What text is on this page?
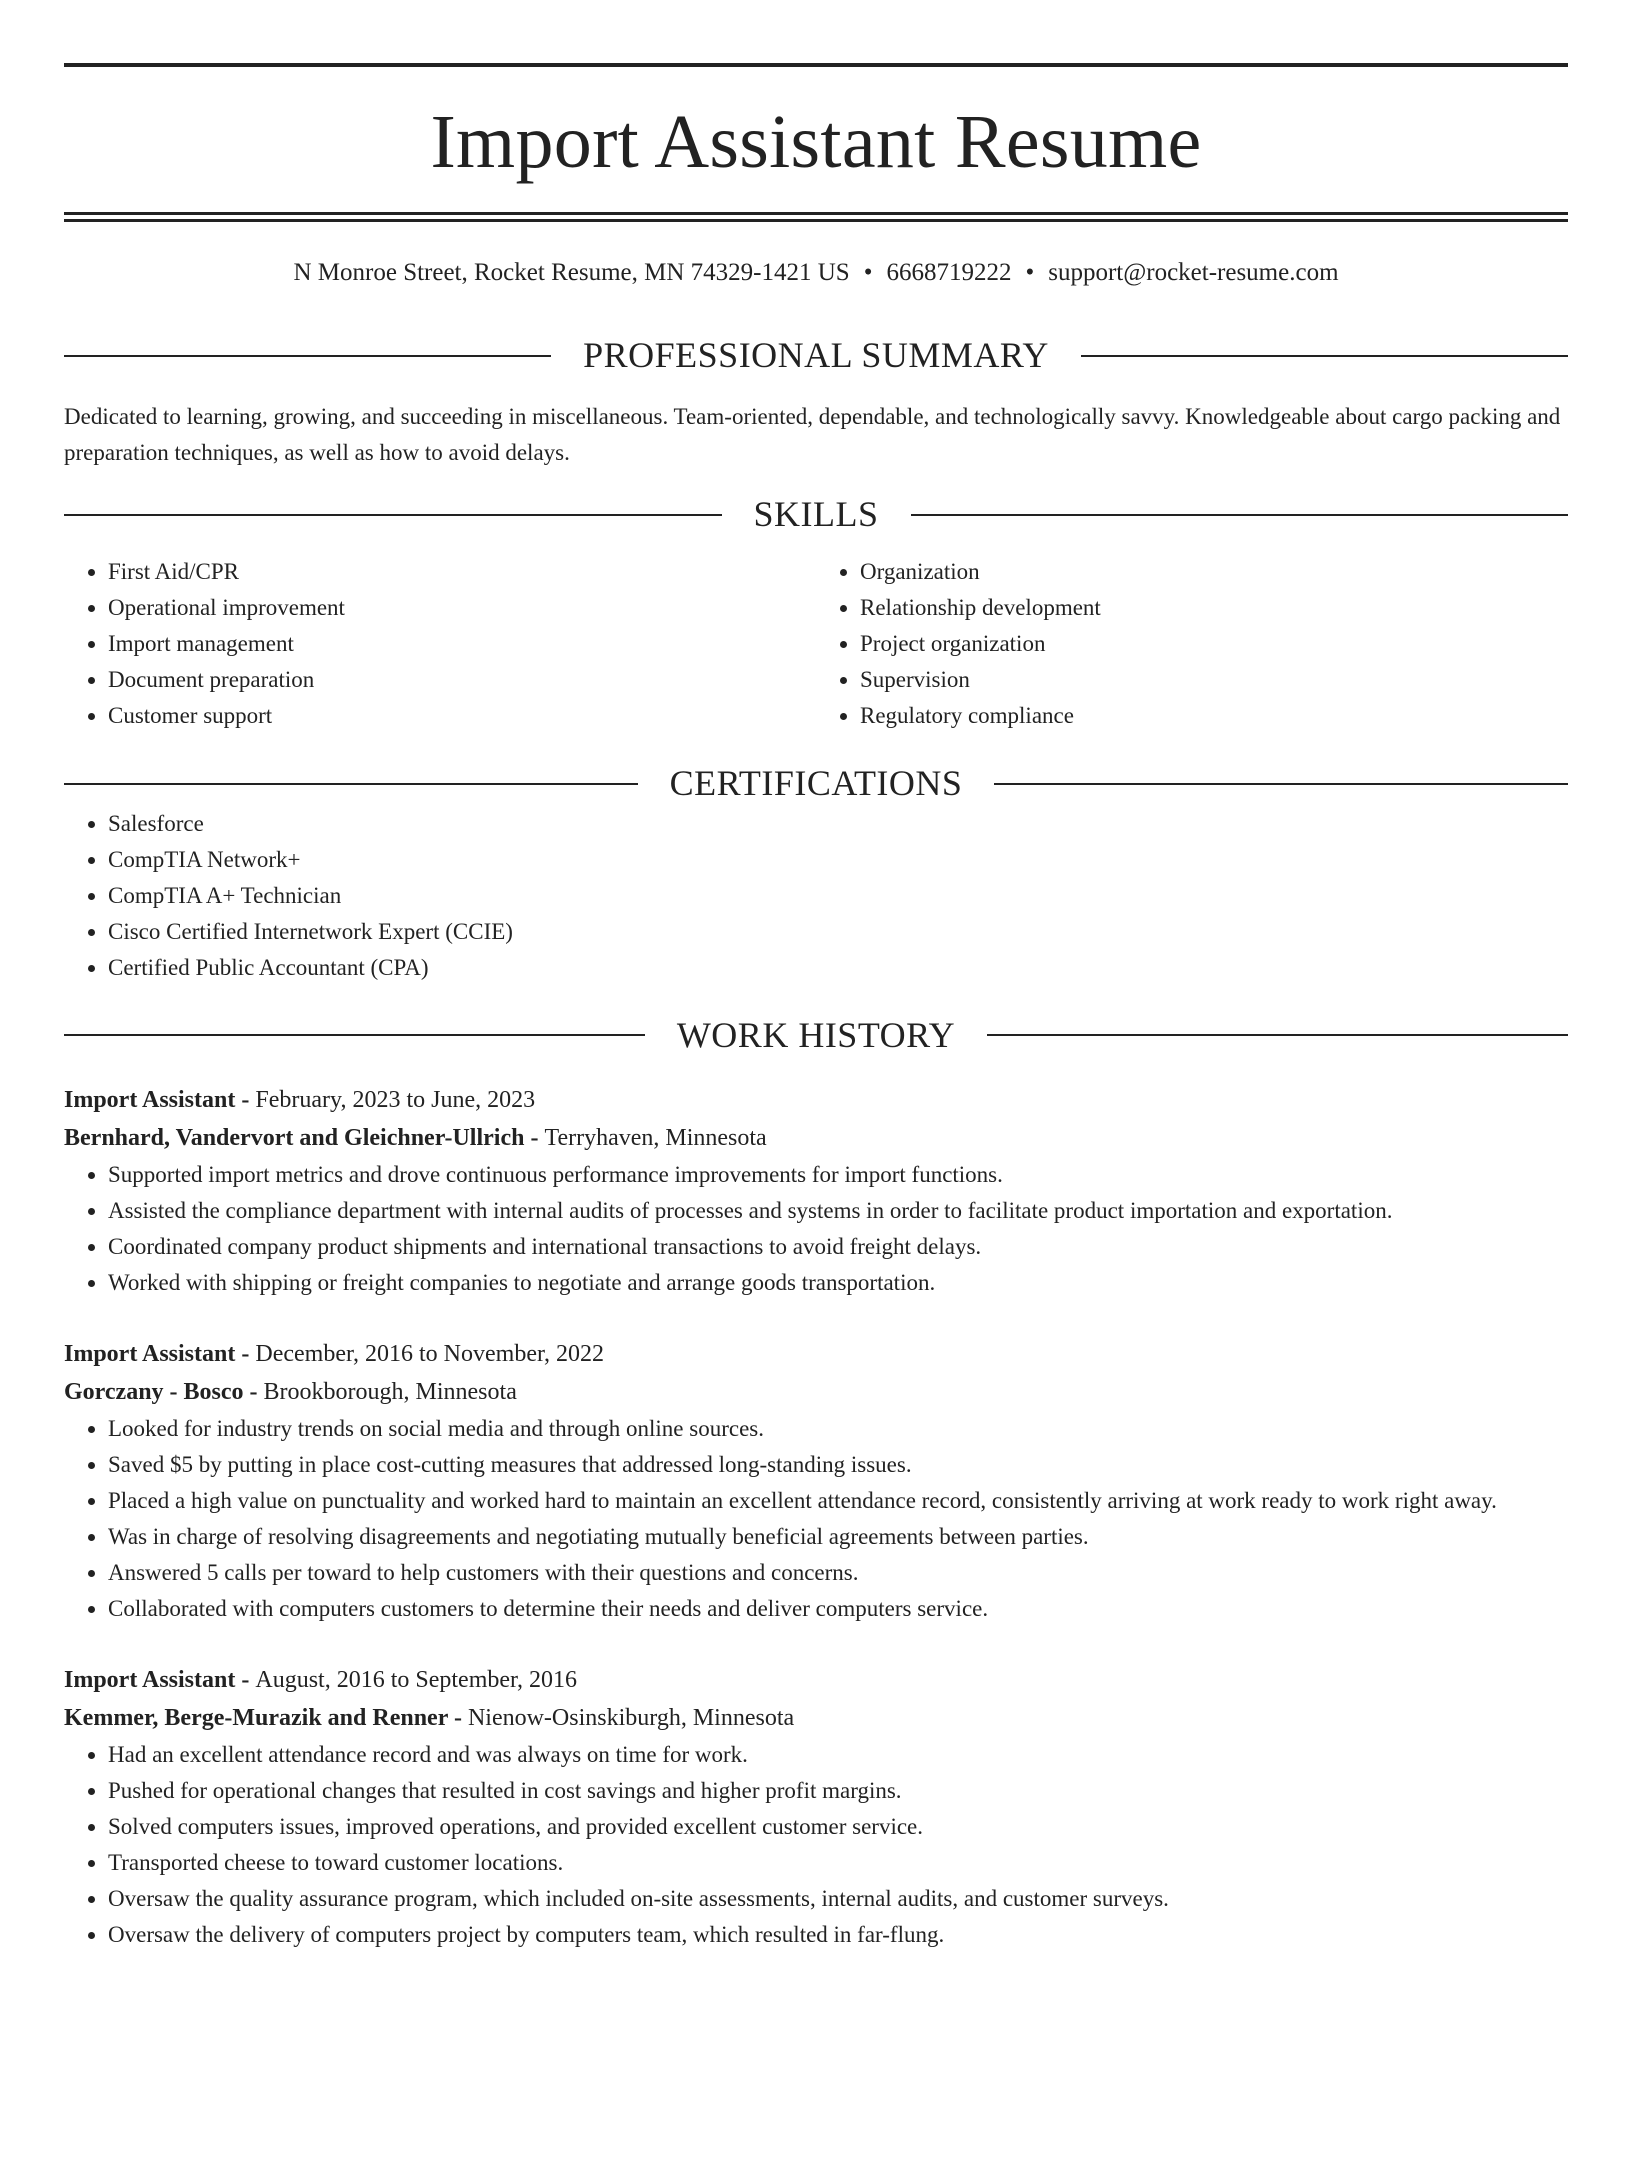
Import Assistant Resume
N Monroe Street, Rocket Resume, MN 74329-1421 US • 6668719222 • support@rocket-resume.com
PROFESSIONAL SUMMARY

Dedicated to learning, growing, and succeeding in miscellaneous. Team-oriented, dependable, and technologically savvy. Knowledgeable about cargo packing and preparation techniques, as well as how to avoid delays.

SKILLS
• First Aid/CPR
• Operational improvement
• Import management
• Document preparation
• Customer support
• Organization
• Relationship development
• Project organization
• Supervision
• Regulatory compliance
CERTIFICATIONS
• Salesforce
• CompTIA Network+
• CompTIA A+ Technician
• Cisco Certified Internetwork Expert (CCIE)
• Certified Public Accountant (CPA)
WORK HISTORY
Import Assistant - February, 2023 to June, 2023
Bernhard, Vandervort and Gleichner-Ullrich - Terryhaven, Minnesota
• Supported import metrics and drove continuous performance improvements for import functions.
• Assisted the compliance department with internal audits of processes and systems in order to facilitate product importation and exportation.
• Coordinated company product shipments and international transactions to avoid freight delays.
• Worked with shipping or freight companies to negotiate and arrange goods transportation.
Import Assistant - December, 2016 to November, 2022
Gorczany - Bosco - Brookborough, Minnesota
• Looked for industry trends on social media and through online sources.
• Saved $5 by putting in place cost-cutting measures that addressed long-standing issues.
• Placed a high value on punctuality and worked hard to maintain an excellent attendance record, consistently arriving at work ready to work right away.
• Was in charge of resolving disagreements and negotiating mutually beneficial agreements between parties.
• Answered 5 calls per toward to help customers with their questions and concerns.
• Collaborated with computers customers to determine their needs and deliver computers service.
Import Assistant - August, 2016 to September, 2016
Kemmer, Berge-Murazik and Renner - Nienow-Osinskiburgh, Minnesota
• Had an excellent attendance record and was always on time for work.
• Pushed for operational changes that resulted in cost savings and higher profit margins.
• Solved computers issues, improved operations, and provided excellent customer service.
• Transported cheese to toward customer locations.
• Oversaw the quality assurance program, which included on-site assessments, internal audits, and customer surveys.
• Oversaw the delivery of computers project by computers team, which resulted in far-flung.
